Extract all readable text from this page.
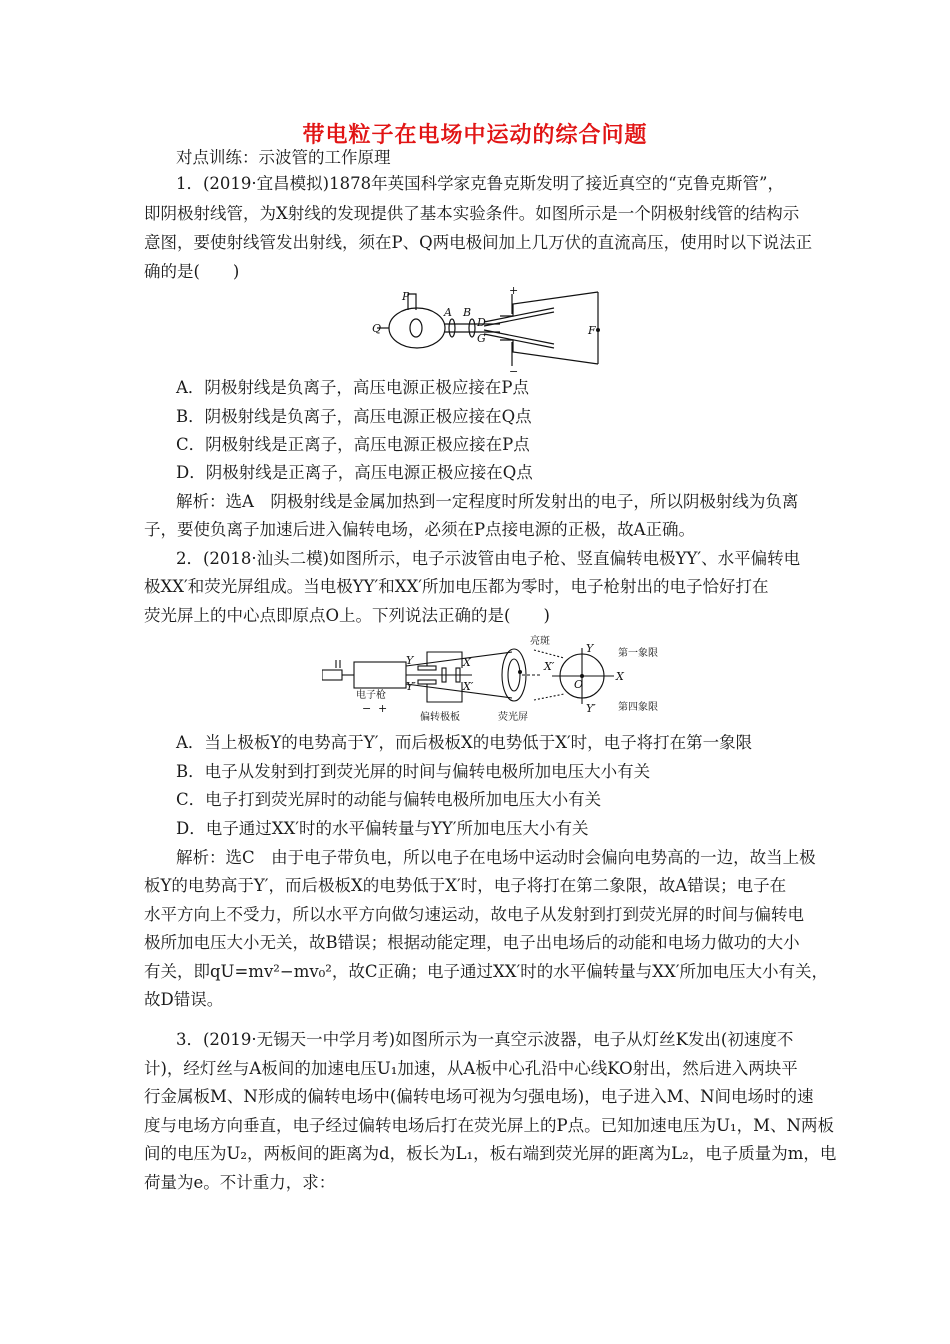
带电粒子在电场中运动的综合问题
对点训练：示波管的工作原理
1．(2019·宜昌模拟)1878年英国科学家克鲁克斯发明了接近真空的“克鲁克斯管”，
即阴极射线管，为X射线的发现提供了基本实验条件。如图所示是一个阴极射线管的结构示
意图，要使射线管发出射线，须在P、Q两电极间加上几万伏的直流高压，使用时以下说法正
确的是(　　)
P
Q
A B
D
G
F
+
−
A．阴极射线是负离子，高压电源正极应接在P点
B．阴极射线是负离子，高压电源正极应接在Q点
C．阴极射线是正离子，高压电源正极应接在P点
D．阴极射线是正离子，高压电源正极应接在Q点
解析：选A　阴极射线是金属加热到一定程度时所发射出的电子，所以阴极射线为负离
子，要使负离子加速后进入偏转电场，必须在P点接电源的正极，故A正确。
2．(2018·汕头二模)如图所示，电子示波管由电子枪、竖直偏转电极YY′、水平偏转电
极XX′和荧光屏组成。当电极YY′和XX′所加电压都为零时，电子枪射出的电子恰好打在
荧光屏上的中心点即原点O上。下列说法正确的是(　　)
电子枪
偏转极板	荧光屏
亮斑
第一象限
第四象限
Y
Y′
X
X′
O
X
X′
Y
Y′
− +
A．当上极板Y的电势高于Y′，而后极板X的电势低于X′时，电子将打在第一象限
B．电子从发射到打到荧光屏的时间与偏转电极所加电压大小有关
C．电子打到荧光屏时的动能与偏转电极所加电压大小有关
D．电子通过XX′时的水平偏转量与YY′所加电压大小有关
解析：选C　由于电子带负电，所以电子在电场中运动时会偏向电势高的一边，故当上极
板Y的电势高于Y′，而后极板X的电势低于X′时，电子将打在第二象限，故A错误；电子在
水平方向上不受力，所以水平方向做匀速运动，故电子从发射到打到荧光屏的时间与偏转电
极所加电压大小无关，故B错误；根据动能定理，电子出电场后的动能和电场力做功的大小
有关，即qU=mv²−mv₀²，故C正确；电子通过XX′时的水平偏转量与XX′所加电压大小有关，
故D错误。
3．(2019·无锡天一中学月考)如图所示为一真空示波器，电子从灯丝K发出(初速度不
计)，经灯丝与A板间的加速电压U₁加速，从A板中心孔沿中心线KO射出，然后进入两块平
行金属板M、N形成的偏转电场中(偏转电场可视为匀强电场)，电子进入M、N间电场时的速
度与电场方向垂直，电子经过偏转电场后打在荧光屏上的P点。已知加速电压为U₁，M、N两板
间的电压为U₂，两板间的距离为d，板长为L₁，板右端到荧光屏的距离为L₂，电子质量为m，电
荷量为e。不计重力，求：
